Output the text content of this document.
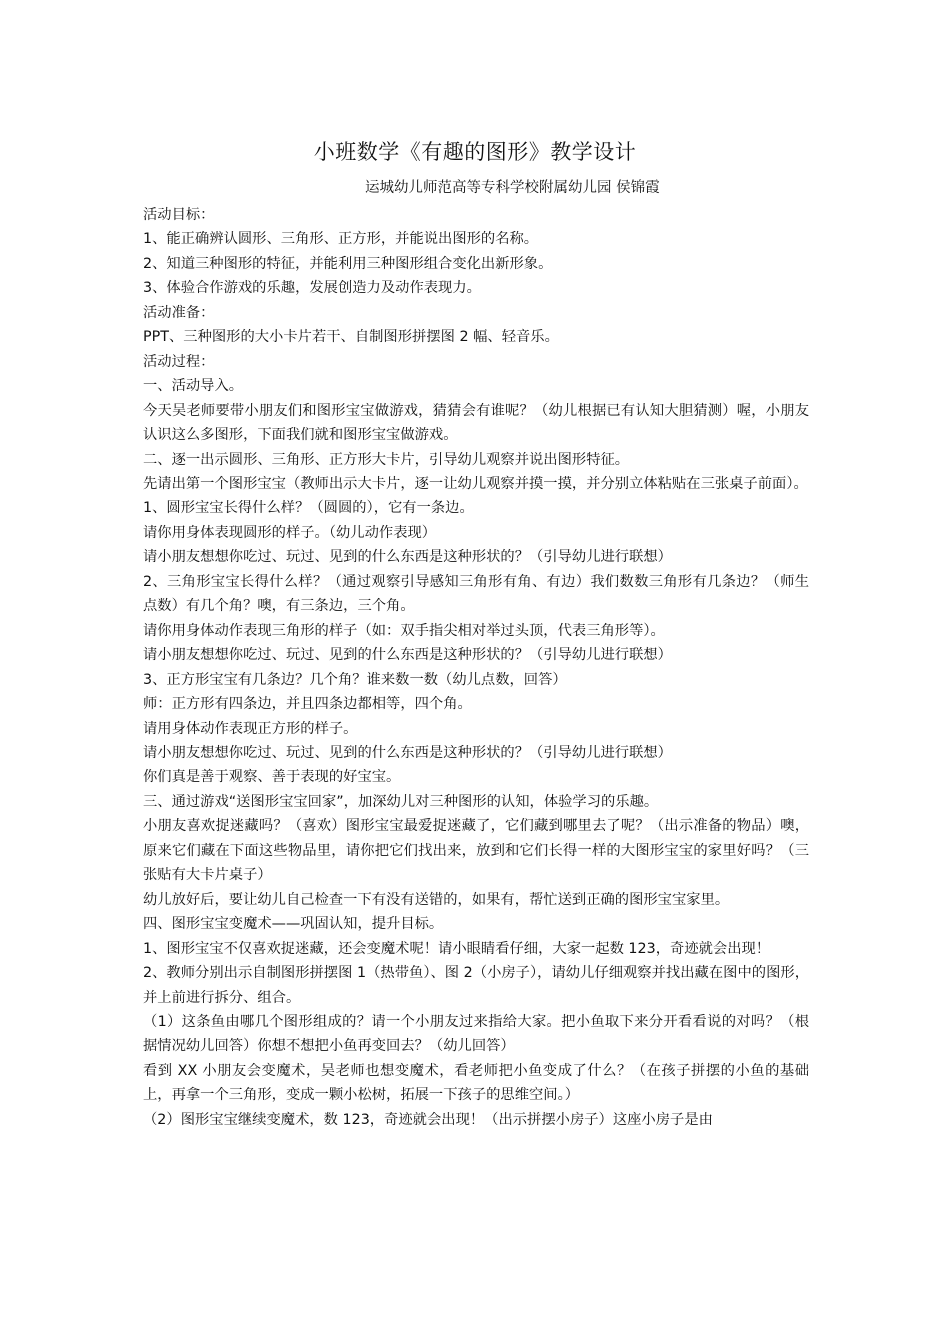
小班数学《有趣的图形》教学设计
运城幼儿师范高等专科学校附属幼儿园 侯锦霞

活动目标：

1、能正确辨认圆形、三角形、正方形，并能说出图形的名称。

2、知道三种图形的特征，并能利用三种图形组合变化出新形象。

3、体验合作游戏的乐趣，发展创造力及动作表现力。

活动准备：

PPT、三种图形的大小卡片若干、自制图形拼摆图 2 幅、轻音乐。

活动过程：

一、活动导入。

今天吴老师要带小朋友们和图形宝宝做游戏，猜猜会有谁呢？（幼儿根据已有认知大胆猜测）喔，小朋友认识这么多图形，下面我们就和图形宝宝做游戏。

二、逐一出示圆形、三角形、正方形大卡片，引导幼儿观察并说出图形特征。

先请出第一个图形宝宝（教师出示大卡片，逐一让幼儿观察并摸一摸，并分别立体粘贴在三张桌子前面）。

1、圆形宝宝长得什么样？（圆圆的），它有一条边。

请你用身体表现圆形的样子。（幼儿动作表现）

请小朋友想想你吃过、玩过、见到的什么东西是这种形状的？（引导幼儿进行联想）

2、三角形宝宝长得什么样？（通过观察引导感知三角形有角、有边）我们数数三角形有几条边？（师生点数）有几个角？噢，有三条边，三个角。

请你用身体动作表现三角形的样子（如：双手指尖相对举过头顶，代表三角形等）。

请小朋友想想你吃过、玩过、见到的什么东西是这种形状的？（引导幼儿进行联想）

3、正方形宝宝有几条边？几个角？谁来数一数（幼儿点数，回答）

师：正方形有四条边，并且四条边都相等，四个角。

请用身体动作表现正方形的样子。

请小朋友想想你吃过、玩过、见到的什么东西是这种形状的？（引导幼儿进行联想）

你们真是善于观察、善于表现的好宝宝。

三、通过游戏“送图形宝宝回家”，加深幼儿对三种图形的认知，体验学习的乐趣。

小朋友喜欢捉迷藏吗？（喜欢）图形宝宝最爱捉迷藏了，它们藏到哪里去了呢？（出示准备的物品）噢，原来它们藏在下面这些物品里，请你把它们找出来，放到和它们长得一样的大图形宝宝的家里好吗？（三张贴有大卡片桌子）

幼儿放好后，要让幼儿自己检查一下有没有送错的，如果有，帮忙送到正确的图形宝宝家里。

四、图形宝宝变魔术——巩固认知，提升目标。

1、图形宝宝不仅喜欢捉迷藏，还会变魔术呢！请小眼睛看仔细，大家一起数 123，奇迹就会出现！

2、教师分别出示自制图形拼摆图 1（热带鱼）、图 2（小房子），请幼儿仔细观察并找出藏在图中的图形，并上前进行拆分、组合。

（1）这条鱼由哪几个图形组成的？请一个小朋友过来指给大家。把小鱼取下来分开看看说的对吗？（根据情况幼儿回答）你想不想把小鱼再变回去？（幼儿回答）

看到 XX 小朋友会变魔术，吴老师也想变魔术，看老师把小鱼变成了什么？（在孩子拼摆的小鱼的基础上，再拿一个三角形，变成一颗小松树，拓展一下孩子的思维空间。）

（2）图形宝宝继续变魔术，数 123，奇迹就会出现！（出示拼摆小房子）这座小房子是由
